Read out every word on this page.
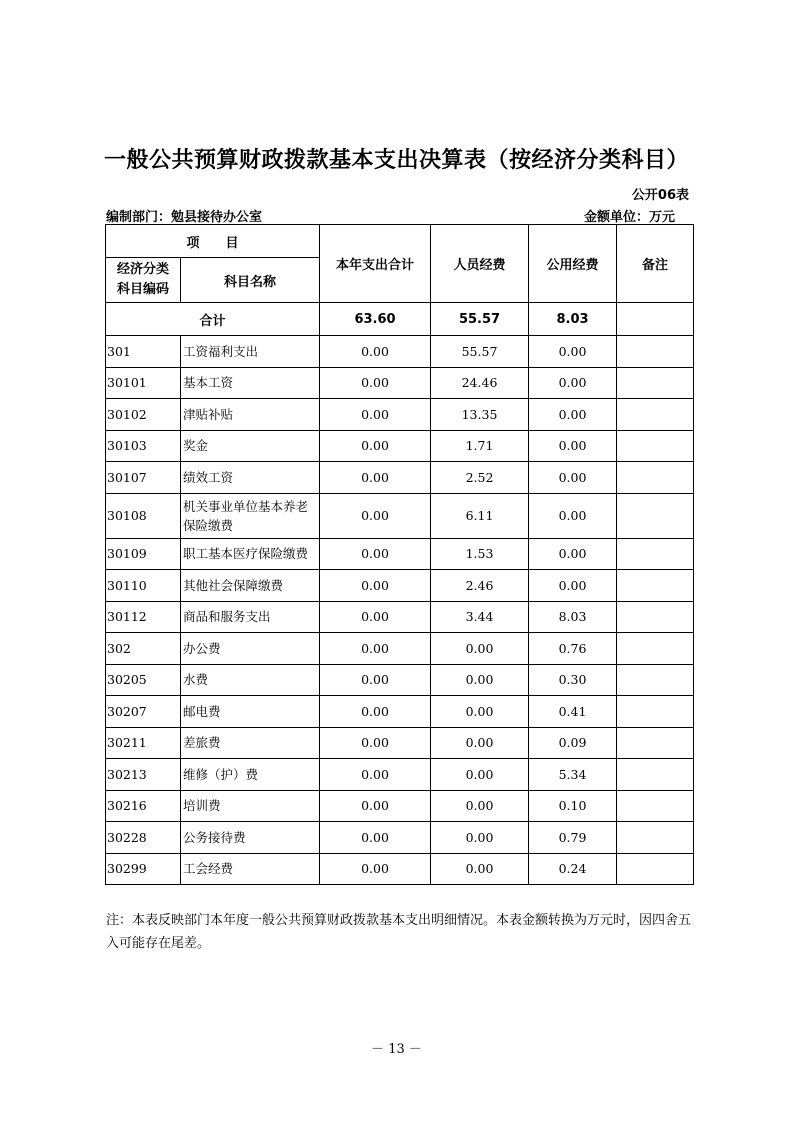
一般公共预算财政拨款基本支出决算表（按经济分类科目）
公开06表
编制部门：勉县接待办公室	金额单位：万元
项　　目		本年支出合计	人员经费	公用经费	备注
经济分类科目编码	科目名称				
合计		63.60	55.57	8.03	
301	工资福利支出	0.00	55.57	0.00	
30101	基本工资	0.00	24.46	0.00	
30102	津贴补贴	0.00	13.35	0.00	
30103	奖金	0.00	1.71	0.00	
30107	绩效工资	0.00	2.52	0.00	
30108	机关事业单位基本养老保险缴费	0.00	6.11	0.00	
30109	职工基本医疗保险缴费	0.00	1.53	0.00	
30110	其他社会保障缴费	0.00	2.46	0.00	
30112	商品和服务支出	0.00	3.44	8.03	
302	办公费	0.00	0.00	0.76	
30205	水费	0.00	0.00	0.30	
30207	邮电费	0.00	0.00	0.41	
30211	差旅费	0.00	0.00	0.09	
30213	维修（护）费	0.00	0.00	5.34	
30216	培训费	0.00	0.00	0.10	
30228	公务接待费	0.00	0.00	0.79	
30299	工会经费	0.00	0.00	0.24	
注：本表反映部门本年度一般公共预算财政拨款基本支出明细情况。本表金额转换为万元时，因四舍五入可能存在尾差。
－ 13 －
